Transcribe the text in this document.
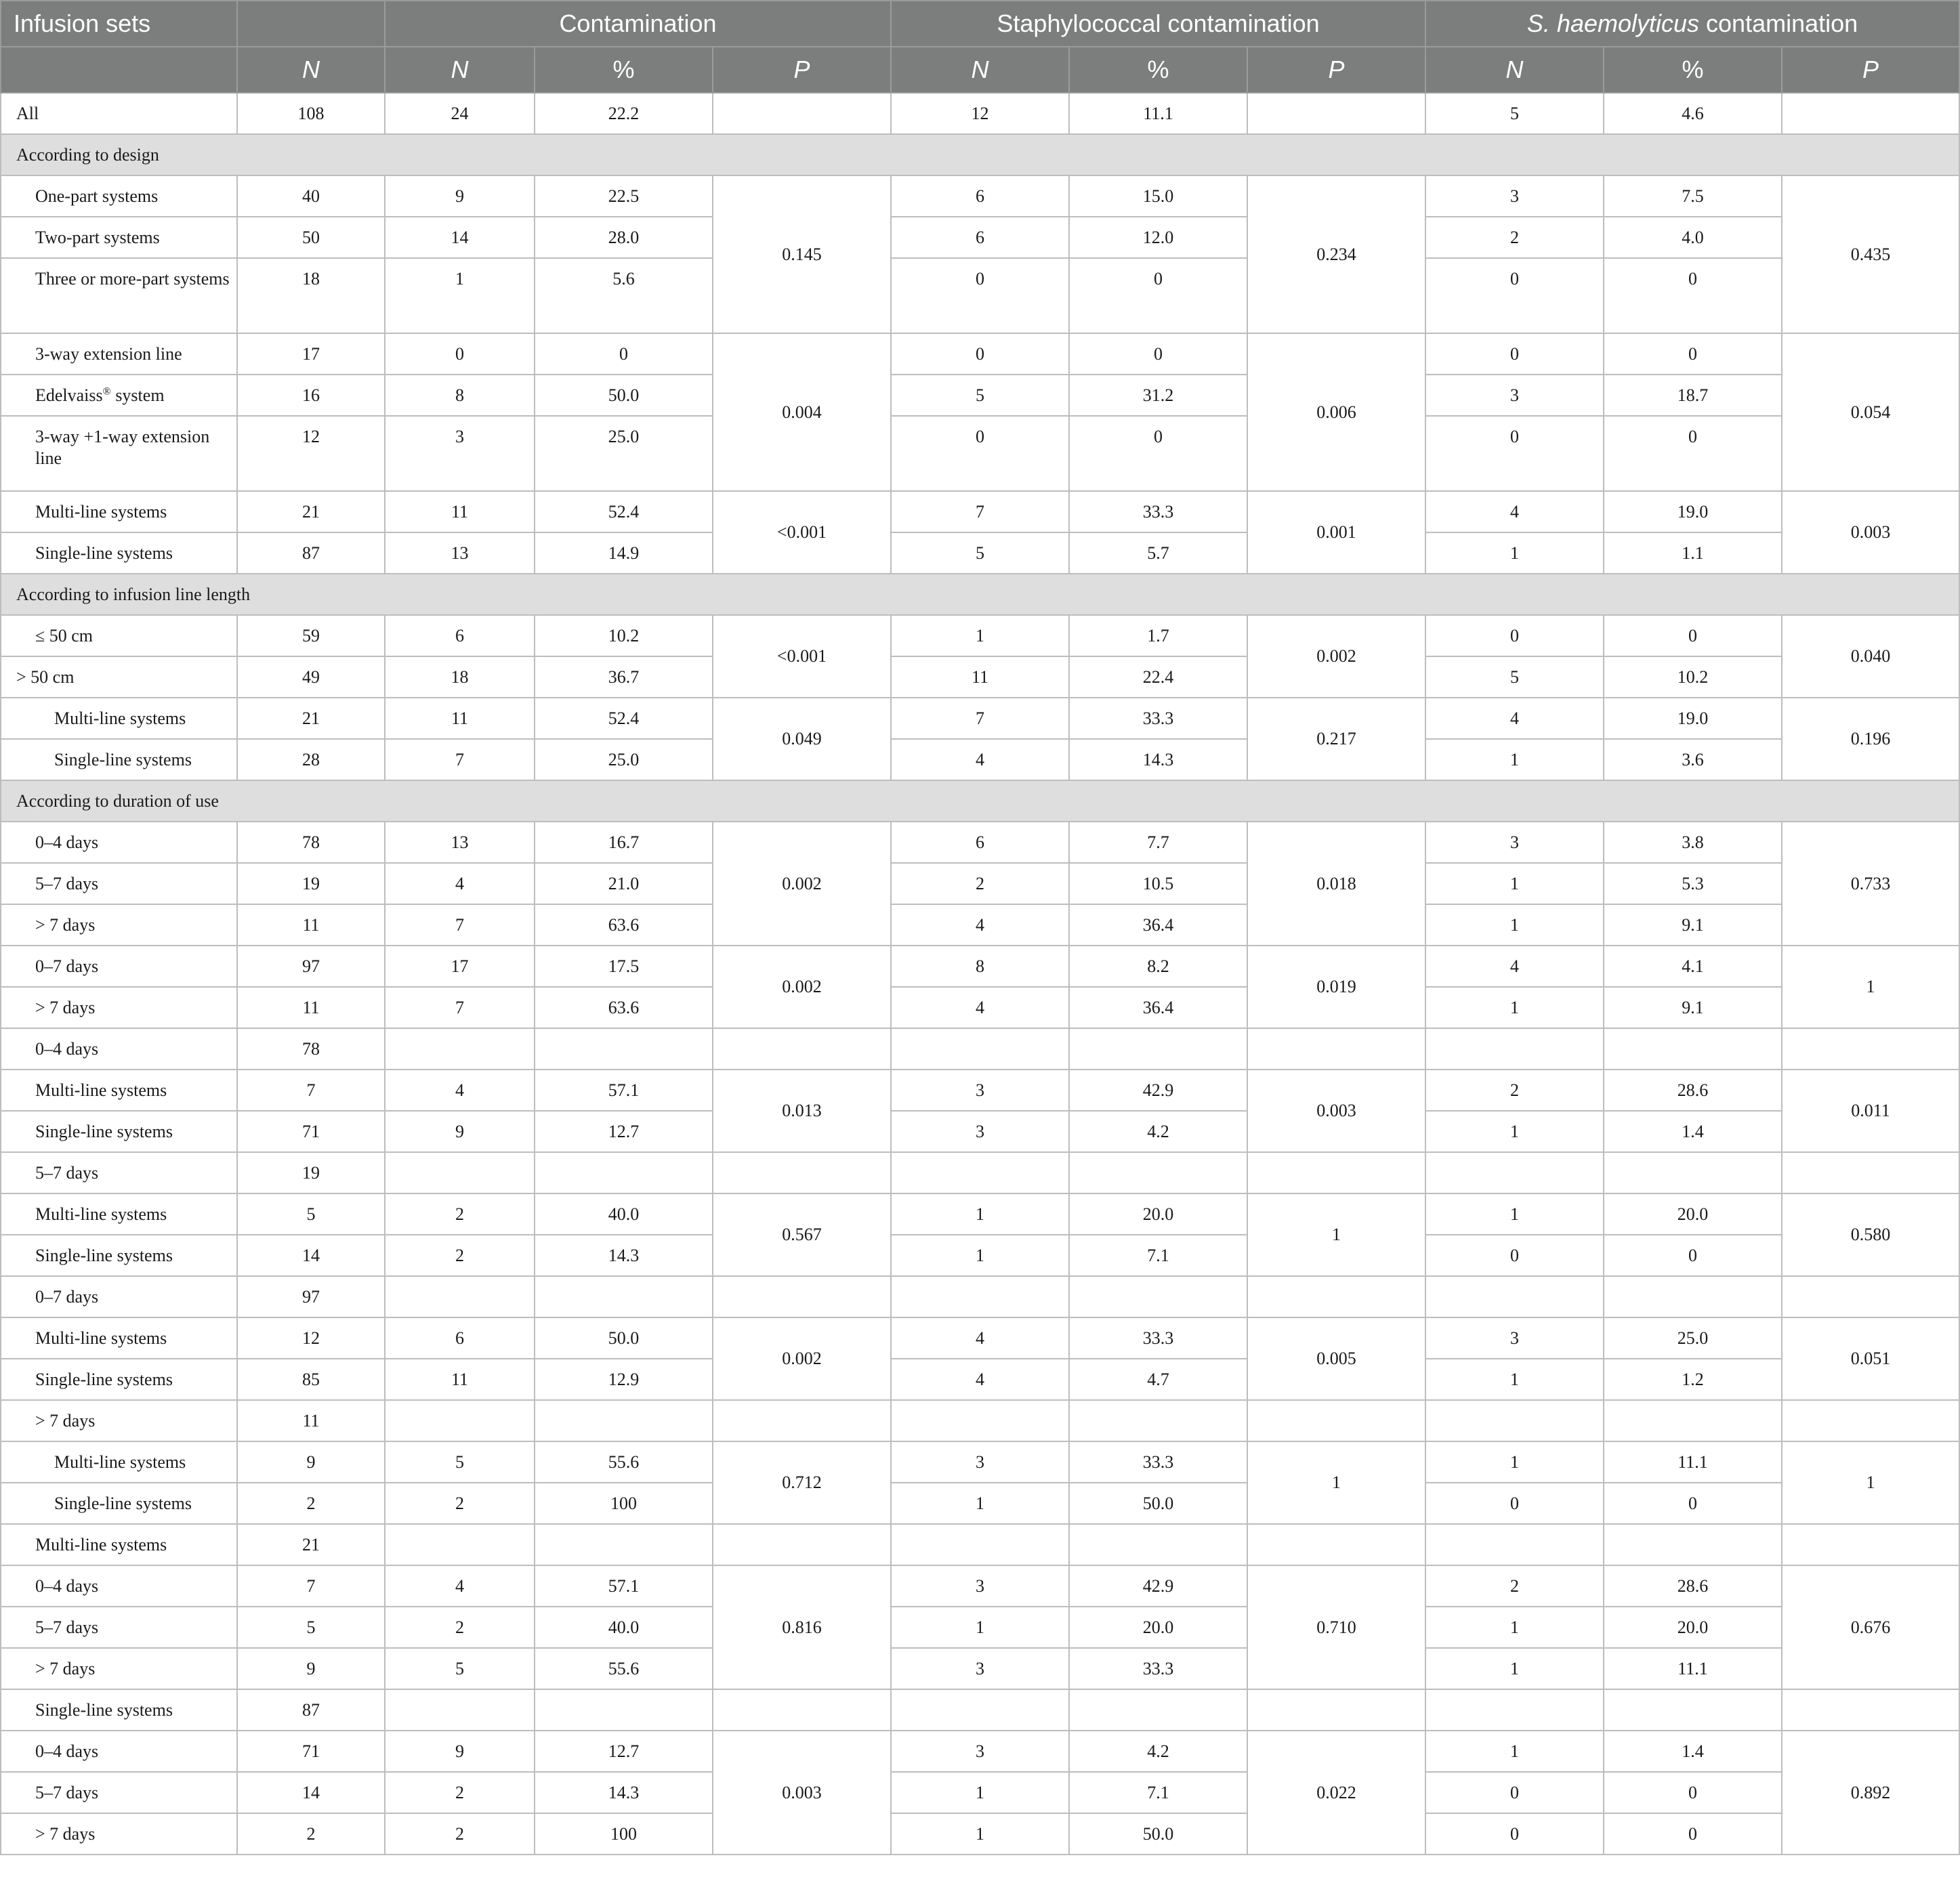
Infusion sets		Contamination			Staphylococcal contamination			S. haemolyticus contamination		
	N	N	%	P	N	%	P	N	%	P
All	108	24	22.2		12	11.1		5	4.6	
According to design										
One-part systems	40	9	22.5	0.145	6	15.0	0.234	3	7.5	0.435
Two-part systems	50	14	28.0		6	12.0		2	4.0	
Three or more-part systems	18	1	5.6		0	0		0	0	
3-way extension line	17	0	0	0.004	0	0	0.006	0	0	0.054
Edelvaiss® system	16	8	50.0		5	31.2		3	18.7	
3-way +1-way extension line	12	3	25.0		0	0		0	0	
Multi-line systems	21	11	52.4	<0.001	7	33.3	0.001	4	19.0	0.003
Single-line systems	87	13	14.9		5	5.7		1	1.1	
According to infusion line length										
≤ 50 cm	59	6	10.2	<0.001	1	1.7	0.002	0	0	0.040
> 50 cm	49	18	36.7		11	22.4		5	10.2	
Multi-line systems	21	11	52.4	0.049	7	33.3	0.217	4	19.0	0.196
Single-line systems	28	7	25.0		4	14.3		1	3.6	
According to duration of use										
0–4 days	78	13	16.7	0.002	6	7.7	0.018	3	3.8	0.733
5–7 days	19	4	21.0		2	10.5		1	5.3	
> 7 days	11	7	63.6		4	36.4		1	9.1	
0–7 days	97	17	17.5	0.002	8	8.2	0.019	4	4.1	1
> 7 days	11	7	63.6		4	36.4		1	9.1	
0–4 days	78									
Multi-line systems	7	4	57.1	0.013	3	42.9	0.003	2	28.6	0.011
Single-line systems	71	9	12.7		3	4.2		1	1.4	
5–7 days	19									
Multi-line systems	5	2	40.0	0.567	1	20.0	1	1	20.0	0.580
Single-line systems	14	2	14.3		1	7.1		0	0	
0–7 days	97									
Multi-line systems	12	6	50.0	0.002	4	33.3	0.005	3	25.0	0.051
Single-line systems	85	11	12.9		4	4.7		1	1.2	
> 7 days	11									
Multi-line systems	9	5	55.6	0.712	3	33.3	1	1	11.1	1
Single-line systems	2	2	100		1	50.0		0	0	
Multi-line systems	21									
0–4 days	7	4	57.1	0.816	3	42.9	0.710	2	28.6	0.676
5–7 days	5	2	40.0		1	20.0		1	20.0	
> 7 days	9	5	55.6		3	33.3		1	11.1	
Single-line systems	87									
0–4 days	71	9	12.7	0.003	3	4.2	0.022	1	1.4	0.892
5–7 days	14	2	14.3		1	7.1		0	0	
> 7 days	2	2	100		1	50.0		0	0	
